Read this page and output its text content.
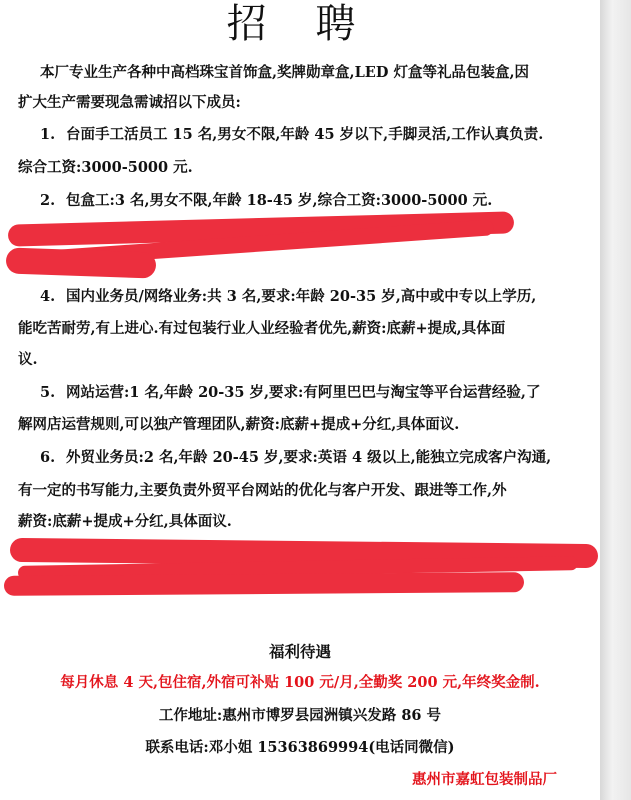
招 聘
本厂专业生产各种中高档珠宝首饰盒,奖牌勋章盒,LED 灯盒等礼品包装盒,因
扩大生产需要现急需诚招以下成员:
1. 台面手工活员工 15 名,男女不限,年龄 45 岁以下,手脚灵活,工作认真负责.
综合工资:3000-5000 元.
2. 包盒工:3 名,男女不限,年龄 18-45 岁,综合工资:3000-5000 元.
4. 国内业务员/网络业务:共 3 名,要求:年龄 20-35 岁,高中或中专以上学历,
能吃苦耐劳,有上进心.有过包装行业人业经验者优先,薪资:底薪+提成,具体面
议.
5. 网站运营:1 名,年龄 20-35 岁,要求:有阿里巴巴与淘宝等平台运营经验,了
解网店运营规则,可以独产管理团队,薪资:底薪+提成+分红,具体面议.
6. 外贸业务员:2 名,年龄 20-45 岁,要求:英语 4 级以上,能独立完成客户沟通,
有一定的书写能力,主要负责外贸平台网站的优化与客户开发、跟进等工作,外
薪资:底薪+提成+分红,具体面议.
福利待遇
每月休息 4 天,包住宿,外宿可补贴 100 元/月,全勤奖 200 元,年终奖金制.
工作地址:惠州市博罗县园洲镇兴发路 86 号
联系电话:邓小姐 15363869994(电话同微信)
惠州市嘉虹包装制品厂
